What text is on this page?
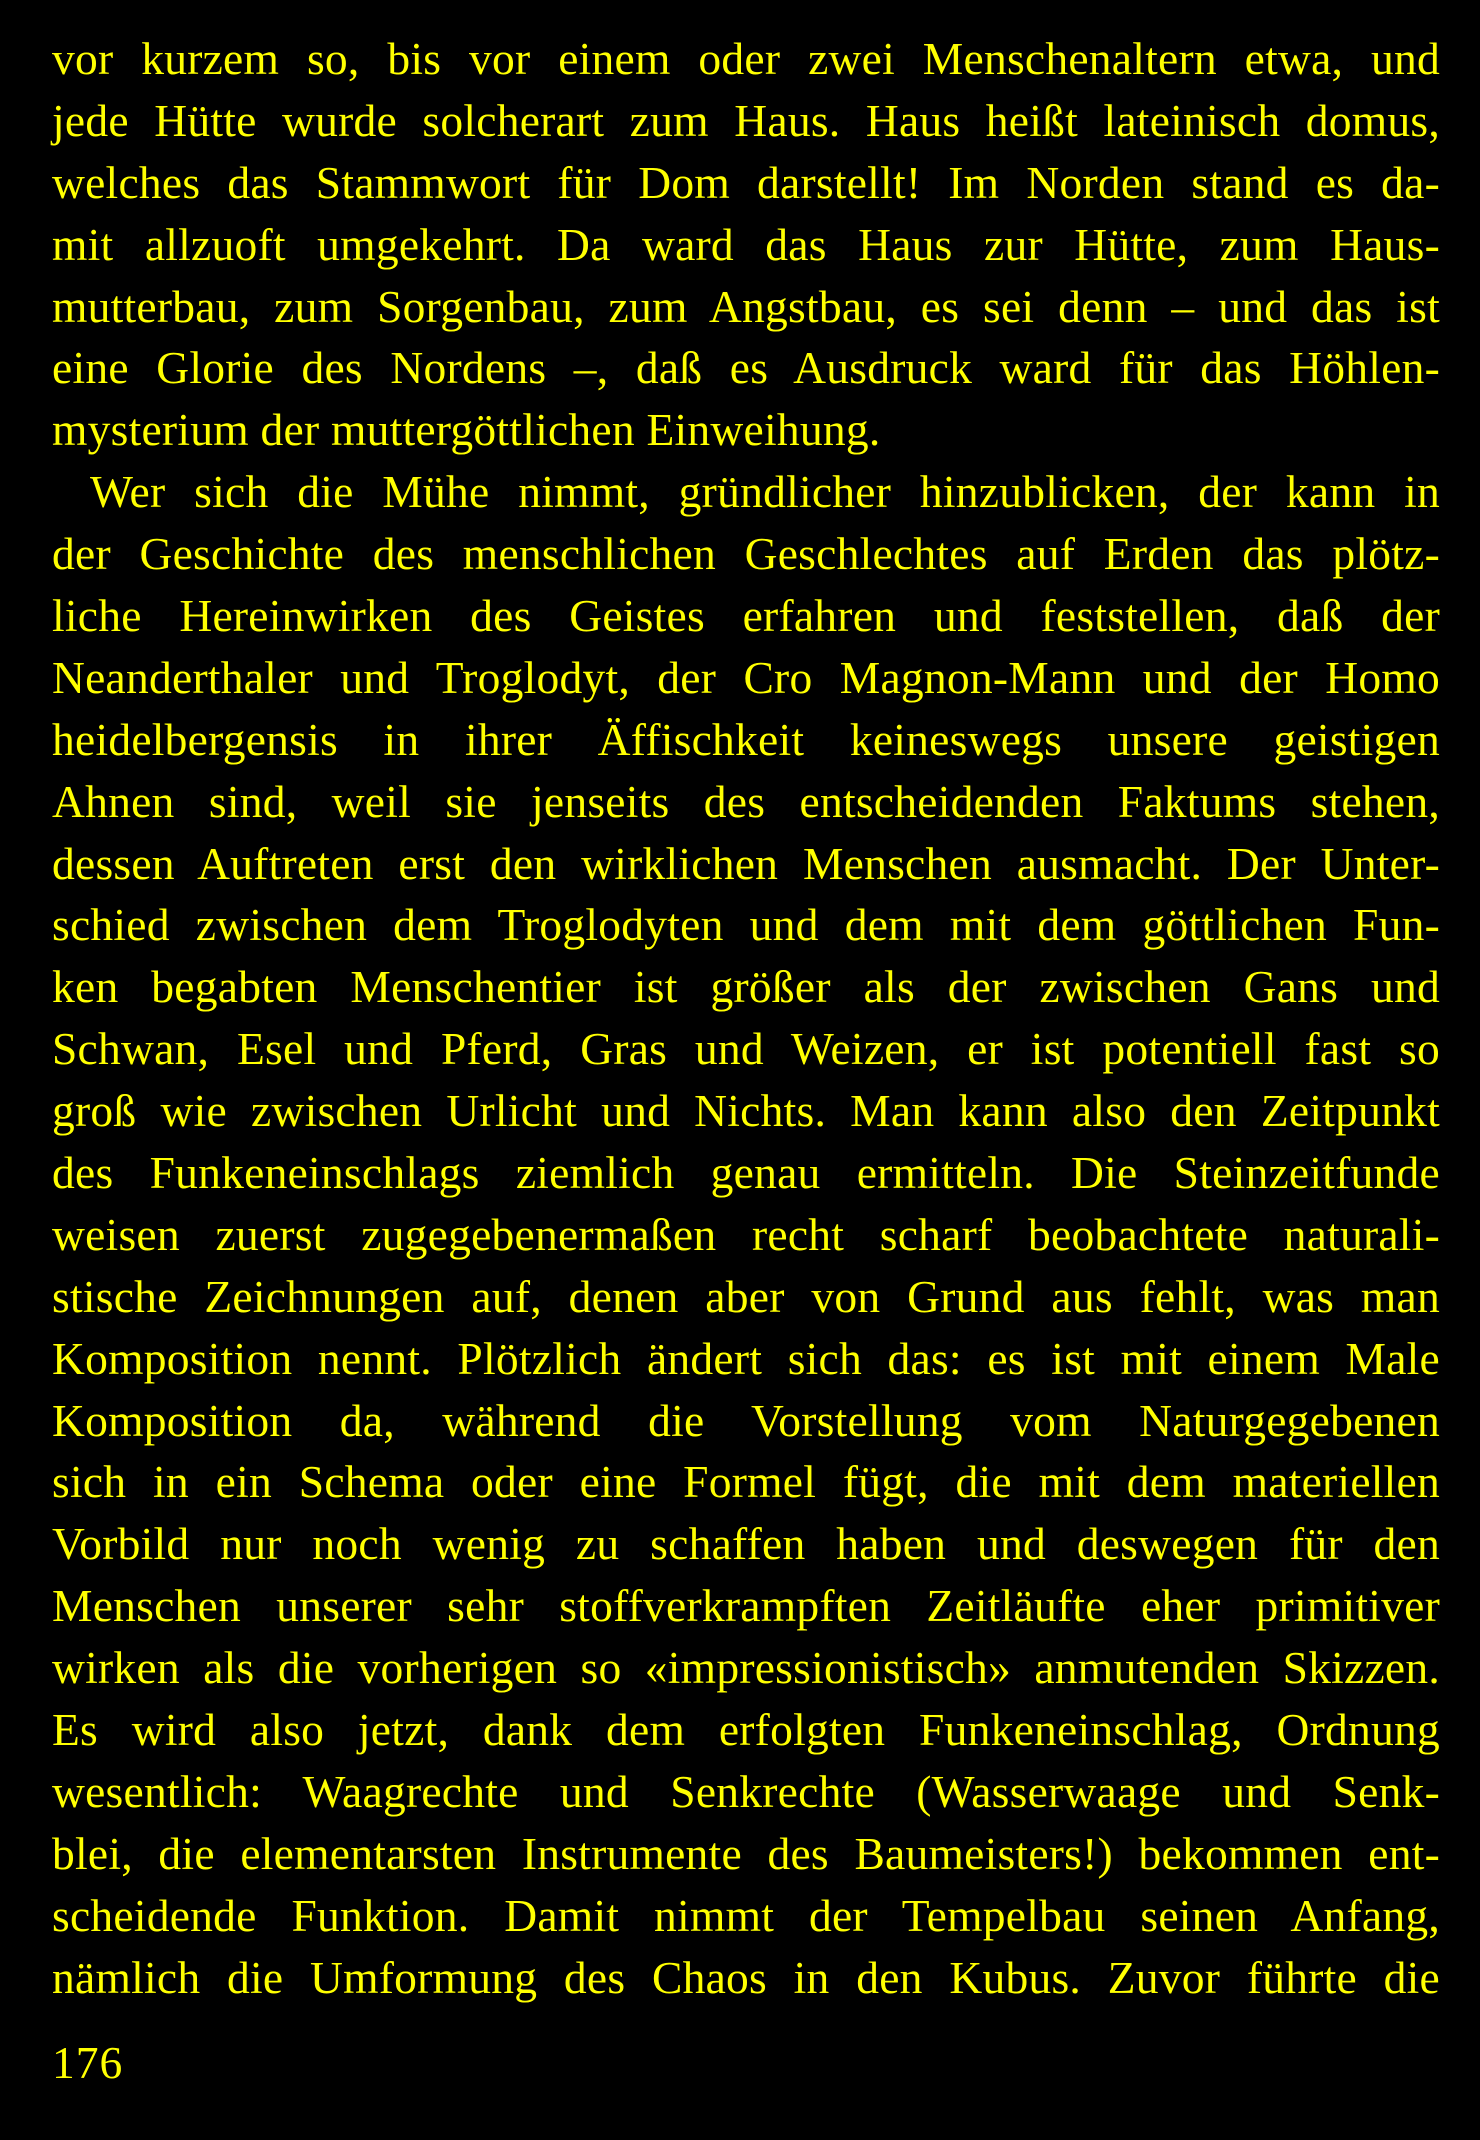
vor kurzem so, bis vor einem oder zwei Menschenaltern etwa, und
jede Hütte wurde solcherart zum Haus. Haus heißt lateinisch domus,
welches das Stammwort für Dom darstellt! Im Norden stand es da-
mit allzuoft umgekehrt. Da ward das Haus zur Hütte, zum Haus-
mutterbau, zum Sorgenbau, zum Angstbau, es sei denn – und das ist
eine Glorie des Nordens –, daß es Ausdruck ward für das Höhlen-
mysterium der muttergöttlichen Einweihung.
Wer sich die Mühe nimmt, gründlicher hinzublicken, der kann in
der Geschichte des menschlichen Geschlechtes auf Erden das plötz-
liche Hereinwirken des Geistes erfahren und feststellen, daß der
Neanderthaler und Troglodyt, der Cro Magnon-Mann und der Homo
heidelbergensis in ihrer Äffischkeit keineswegs unsere geistigen
Ahnen sind, weil sie jenseits des entscheidenden Faktums stehen,
dessen Auftreten erst den wirklichen Menschen ausmacht. Der Unter-
schied zwischen dem Troglodyten und dem mit dem göttlichen Fun-
ken begabten Menschentier ist größer als der zwischen Gans und
Schwan, Esel und Pferd, Gras und Weizen, er ist potentiell fast so
groß wie zwischen Urlicht und Nichts. Man kann also den Zeitpunkt
des Funkeneinschlags ziemlich genau ermitteln. Die Steinzeitfunde
weisen zuerst zugegebenermaßen recht scharf beobachtete naturali-
stische Zeichnungen auf, denen aber von Grund aus fehlt, was man
Komposition nennt. Plötzlich ändert sich das: es ist mit einem Male
Komposition da, während die Vorstellung vom Naturgegebenen
sich in ein Schema oder eine Formel fügt, die mit dem materiellen
Vorbild nur noch wenig zu schaffen haben und deswegen für den
Menschen unserer sehr stoffverkrampften Zeitläufte eher primitiver
wirken als die vorherigen so «impressionistisch» anmutenden Skizzen.
Es wird also jetzt, dank dem erfolgten Funkeneinschlag, Ordnung
wesentlich: Waagrechte und Senkrechte (Wasserwaage und Senk-
blei, die elementarsten Instrumente des Baumeisters!) bekommen ent-
scheidende Funktion. Damit nimmt der Tempelbau seinen Anfang,
nämlich die Umformung des Chaos in den Kubus. Zuvor führte die
176
